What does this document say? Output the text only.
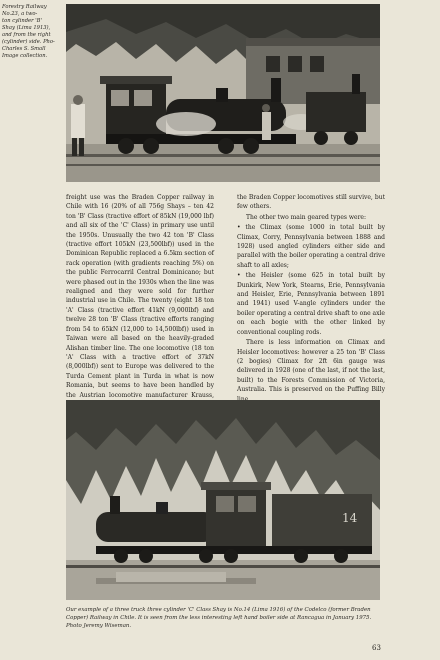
Forestry Railway
No.23, a two-
ton cylinder 'B'
Shay (Lima 1913),
and from the right
(cylinder) side. Pho-
Charles S. Small
Image collection.

freight use was the Braden Copper railway in Chile with 16 (20% of all 756g Shays – ten 42 ton 'B' Class (tractive effort of 85kN (19,000 lbf) and all six of the 'C' Class) in primary use until the 1950s. Unusually the two 42 ton 'B' Class (tractive effort 105kN (23,500lbf)) used in the Dominican Republic replaced a 6.5km section of rack operation (with gradients reaching 5%) on the public Ferrocarril Central Dominicano; but were phased out in the 1930s when the line was realigned and they were sold for further industrial use in Chile. The twenty (eight 18 ton 'A' Class (tractive effort 41kN (9,000lbf) and twelve 28 ton 'B' Class (tractive efforts ranging from 54 to 65kN (12,000 to 14,500lbf)) used in Taiwan were all based on the heavily-graded Alishan timber line. The one locomotive (18 ton 'A' Class with a tractive effort of 37kN (8,000lbf)) sent to Europe was delivered to the Turda Cement plant in Turda in what is now Romania, but seems to have been handled by the Austrian locomotive manufacturer Krauss,

the Braden Copper locomotives still survive, but few others.

The other two main geared types were:

• the Climax (some 1000 in total built by Climax, Corry, Pennsylvania between 1888 and 1928) used angled cylinders either side and parallel with the boiler operating a central drive shaft to all axles;

• the Heisler (some 625 in total built by Dunkirk, New York, Stearns, Erie, Pennsylvania and Heisler, Erie, Pennsylvania between 1891 and 1941) used V-angle cylinders under the boiler operating a central drive shaft to one axle on each bogie with the other linked by conventional coupling rods.

There is less information on Climax and Heisler locomotives: however a 25 ton 'B' Class (2 bogies) Climax for 2ft 6in gauge was delivered in 1928 (one of the last, if not the last, built) to the Forests Commission of Victoria, Australia. This is preserved on the Puffing Billy

14
Our example of a three truck three cylinder 'C' Class Shay is No.14 (Lima 1916) of the Codelco (former Braden Copper) Railway in Chile. It is seen from the less interesting left hand boiler side at Rancagua in January 1975. Photo Jeremy Wiseman.
63
